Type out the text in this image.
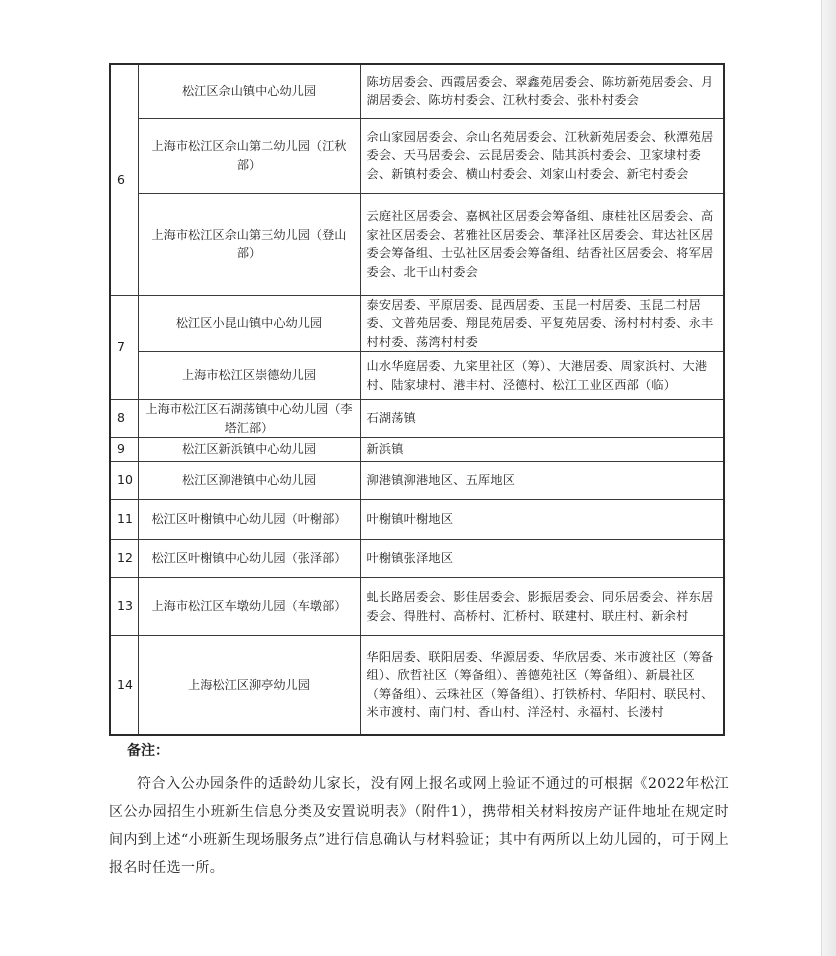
6	松江区佘山镇中心幼儿园	陈坊居委会、西霞居委会、翠鑫苑居委会、陈坊新苑居委会、月湖居委会、陈坊村委会、江秋村委会、张朴村委会
	上海市松江区佘山第二幼儿园（江秋部）	佘山家园居委会、佘山名苑居委会、江秋新苑居委会、秋潭苑居委会、天马居委会、云昆居委会、陆其浜村委会、卫家埭村委会、新镇村委会、横山村委会、刘家山村委会、新宅村委会
	上海市松江区佘山第三幼儿园（登山部）	云庭社区居委会、嘉枫社区居委会筹备组、康桂社区居委会、高家社区居委会、茗雅社区居委会、華泽社区居委会、茸达社区居委会筹备组、士弘社区居委会筹备组、结香社区居委会、将军居委会、北干山村委会
7	松江区小昆山镇中心幼儿园	泰安居委、平原居委、昆西居委、玉昆一村居委、玉昆二村居委、文普苑居委、翔昆苑居委、平复苑居委、汤村村村委、永丰村村委、荡湾村村委
	上海市松江区崇德幼儿园	山水华庭居委、九寀里社区（筹）、大港居委、周家浜村、大港村、陆家埭村、港丰村、泾德村、松江工业区西部（临）
8	上海市松江区石湖荡镇中心幼儿园（李塔汇部）	石湖荡镇
9	松江区新浜镇中心幼儿园	新浜镇
10	松江区泖港镇中心幼儿园	泖港镇泖港地区、五厍地区
11	松江区叶榭镇中心幼儿园（叶榭部）	叶榭镇叶榭地区
12	松江区叶榭镇中心幼儿园（张泽部）	叶榭镇张泽地区
13	上海市松江区车墩幼儿园（车墩部）	虬长路居委会、影佳居委会、影振居委会、同乐居委会、祥东居委会、得胜村、高桥村、汇桥村、联建村、联庄村、新余村
14	上海松江区泖亭幼儿园	华阳居委、联阳居委、华源居委、华欣居委、米市渡社区（筹备组）、欣哲社区（筹备组）、善德苑社区（筹备组）、新晨社区（筹备组）、云珠社区（筹备组）、打铁桥村、华阳村、联民村、米市渡村、南门村、香山村、洋泾村、永福村、长溇村
备注：

符合入公办园条件的适龄幼儿家长，没有网上报名或网上验证不通过的可根据《2022年松江区公办园招生小班新生信息分类及安置说明表》（附件1），携带相关材料按房产证件地址在规定时间内到上述“小班新生现场服务点”进行信息确认与材料验证；其中有两所以上幼儿园的，可于网上报名时任选一所。
